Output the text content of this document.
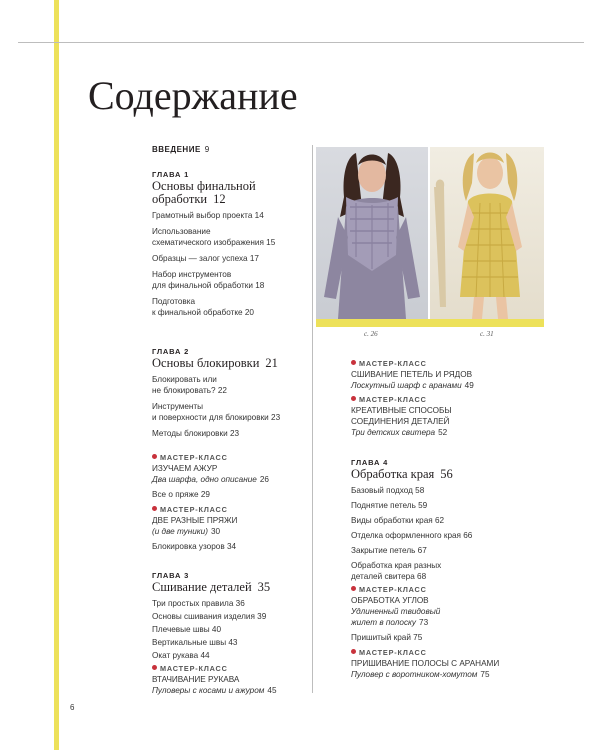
Содержание
ВВЕДЕНИЕ 9
ГЛАВА 1
Основы финальной
обработки 12
Грамотный выбор проекта 14
Использование
схематического изображения 15
Образцы — залог успеха 17
Набор инструментов
для финальной обработки 18
Подготовка
к финальной обработке 20
ГЛАВА 2
Основы блокировки 21
Блокировать или
не блокировать? 22
Инструменты
и поверхности для блокировки 23
Методы блокировки 23
МАСТЕР-КЛАСС
ИЗУЧАЕМ АЖУР
Два шарфа, одно описание 26
Все о пряже 29
МАСТЕР-КЛАСС
ДВЕ РАЗНЫЕ ПРЯЖИ
(и две туники) 30
Блокировка узоров 34
ГЛАВА 3
Сшивание деталей 35
Три простых правила 36
Основы сшивания изделия 39
Плечевые швы 40
Вертикальные швы 43
Окат рукава 44
МАСТЕР-КЛАСС
ВТАЧИВАНИЕ РУКАВА
Пуловеры с косами и ажуром 45
с. 26	с. 31
МАСТЕР-КЛАСС
СШИВАНИЕ ПЕТЕЛЬ И РЯДОВ
Лоскутный шарф с аранами 49
МАСТЕР-КЛАСС
КРЕАТИВНЫЕ СПОСОБЫ
СОЕДИНЕНИЯ ДЕТАЛЕЙ
Три детских свитера 52
ГЛАВА 4
Обработка края 56
Базовый подход 58
Поднятие петель 59
Виды обработки края 62
Отделка оформленного края 66
Закрытие петель 67
Обработка края разных
деталей свитера 68
МАСТЕР-КЛАСС
ОБРАБОТКА УГЛОВ
Удлиненный твидовый
жилет в полоску 73
Пришитый край 75
МАСТЕР-КЛАСС
ПРИШИВАНИЕ ПОЛОСЫ С АРАНАМИ
Пуловер с воротником-хомутом 75
6
